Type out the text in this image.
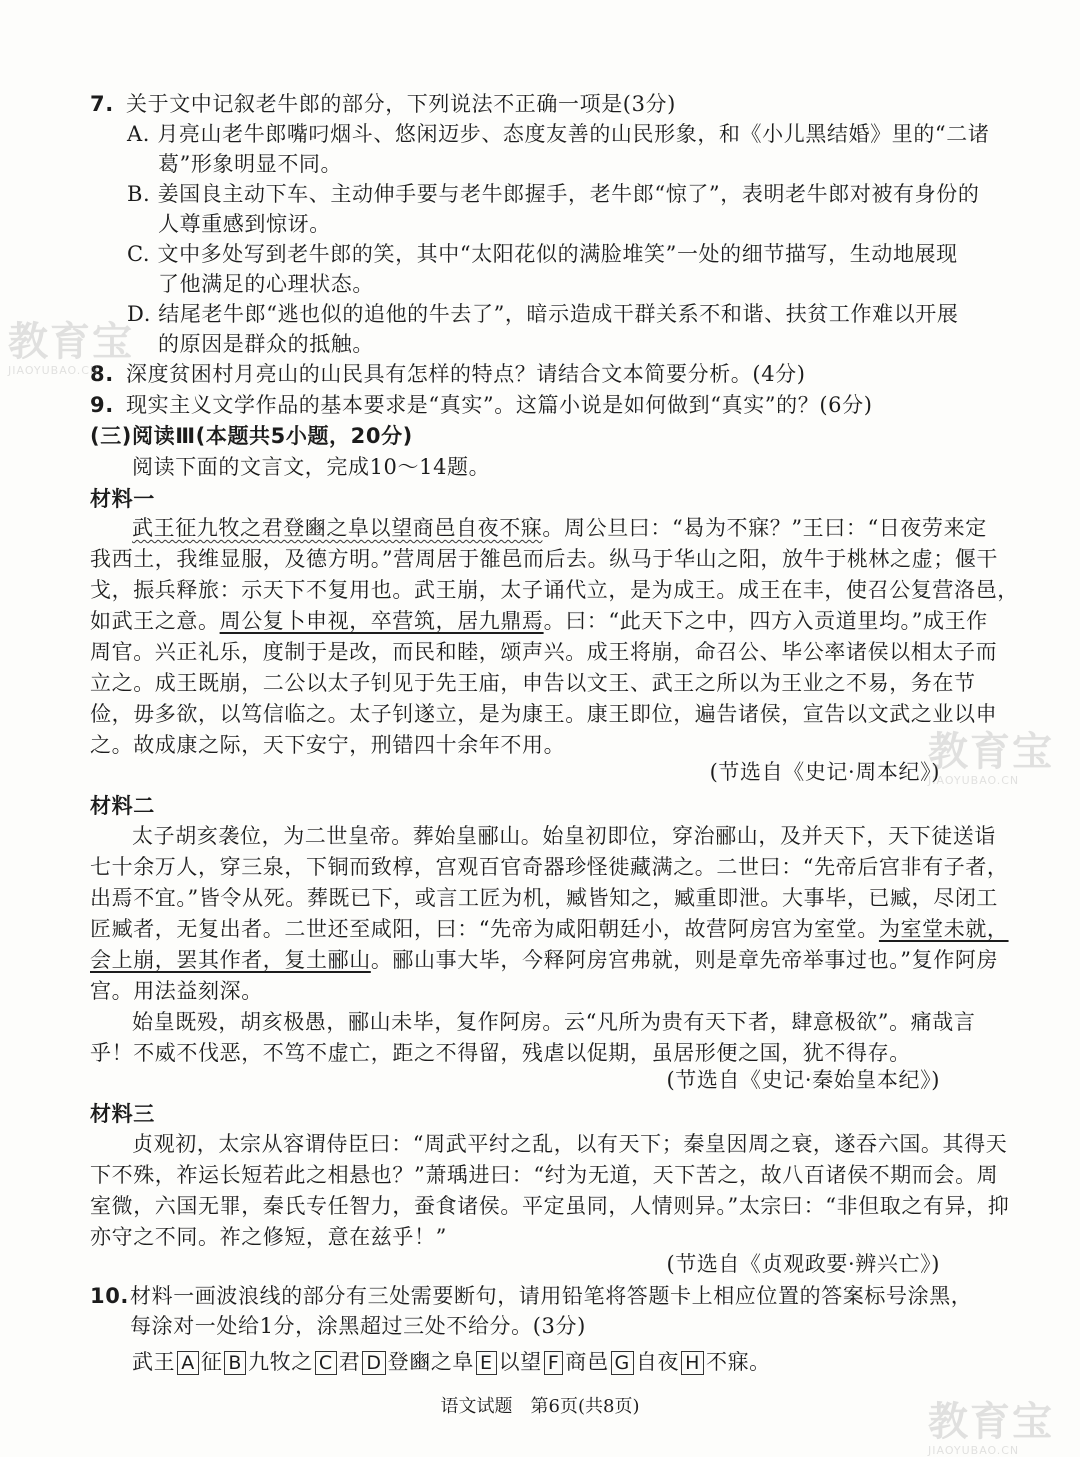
7. 关于文中记叙老牛郎的部分，下列说法不正确一项是(3分)
A. 月亮山老牛郎嘴叼烟斗、悠闲迈步、态度友善的山民形象，和《小儿黑结婚》里的“二诸
葛”形象明显不同。
B. 姜国良主动下车、主动伸手要与老牛郎握手，老牛郎“惊了”，表明老牛郎对被有身份的
人尊重感到惊讶。
C. 文中多处写到老牛郎的笑，其中“太阳花似的满脸堆笑”一处的细节描写，生动地展现
了他满足的心理状态。
D. 结尾老牛郎“逃也似的追他的牛去了”，暗示造成干群关系不和谐、扶贫工作难以开展
的原因是群众的抵触。
8. 深度贫困村月亮山的山民具有怎样的特点？请结合文本简要分析。(4分)
9. 现实主义文学作品的基本要求是“真实”。这篇小说是如何做到“真实”的？(6分)
(三)阅读Ⅲ(本题共5小题，20分)
阅读下面的文言文，完成10～14题。
材料一
武王征九牧之君登豳之阜以望商邑自夜不寐。周公旦曰：“曷为不寐？”王曰：“日夜劳来定
我西土，我维显服，及德方明。”营周居于雒邑而后去。纵马于华山之阳，放牛于桃林之虚；偃干
戈，振兵释旅：示天下不复用也。武王崩，太子诵代立，是为成王。成王在丰，使召公复营洛邑，
如武王之意。周公复卜申视，卒营筑，居九鼎焉。曰：“此天下之中，四方入贡道里均。”成王作
周官。兴正礼乐，度制于是改，而民和睦，颂声兴。成王将崩，命召公、毕公率诸侯以相太子而
立之。成王既崩，二公以太子钊见于先王庙，申告以文王、武王之所以为王业之不易，务在节
俭，毋多欲，以笃信临之。太子钊遂立，是为康王。康王即位，遍告诸侯，宣告以文武之业以申
之。故成康之际，天下安宁，刑错四十余年不用。
(节选自《史记·周本纪》)
材料二
太子胡亥袭位，为二世皇帝。葬始皇郦山。始皇初即位，穿治郦山，及并天下，天下徒送诣
七十余万人，穿三泉，下铜而致椁，宫观百官奇器珍怪徙藏满之。二世曰：“先帝后宫非有子者，
出焉不宜。”皆令从死。葬既已下，或言工匠为机，臧皆知之，臧重即泄。大事毕，已臧，尽闭工
匠臧者，无复出者。二世还至咸阳，曰：“先帝为咸阳朝廷小，故营阿房宫为室堂。为室堂未就，
会上崩，罢其作者，复土郦山。郦山事大毕，今释阿房宫弗就，则是章先帝举事过也。”复作阿房
宫。用法益刻深。
始皇既殁，胡亥极愚，郦山未毕，复作阿房。云“凡所为贵有天下者，肆意极欲”。痛哉言
乎！不威不伐恶，不笃不虚亡，距之不得留，残虐以促期，虽居形便之国，犹不得存。
(节选自《史记·秦始皇本纪》)
材料三
贞观初，太宗从容谓侍臣曰：“周武平纣之乱，以有天下；秦皇因周之衰，遂吞六国。其得天
下不殊，祚运长短若此之相悬也？”萧瑀进曰：“纣为无道，天下苦之，故八百诸侯不期而会。周
室微，六国无罪，秦氏专任智力，蚕食诸侯。平定虽同，人情则异。”太宗曰：“非但取之有异，抑
亦守之不同。祚之修短，意在兹乎！”
(节选自《贞观政要·辨兴亡》)
10.材料一画波浪线的部分有三处需要断句，请用铅笔将答题卡上相应位置的答案标号涂黑，
每涂对一处给1分，涂黑超过三处不给分。(3分)
武王 A 征 B 九牧之 C 君 D 登豳之阜 E 以望 F 商邑 G 自夜 H 不寐。
语文试题　第6页(共8页)
教育宝
JIAOYUBAO.CN
教育宝
JIAOYUBAO.CN
教育宝
JIAOYUBAO.CN
